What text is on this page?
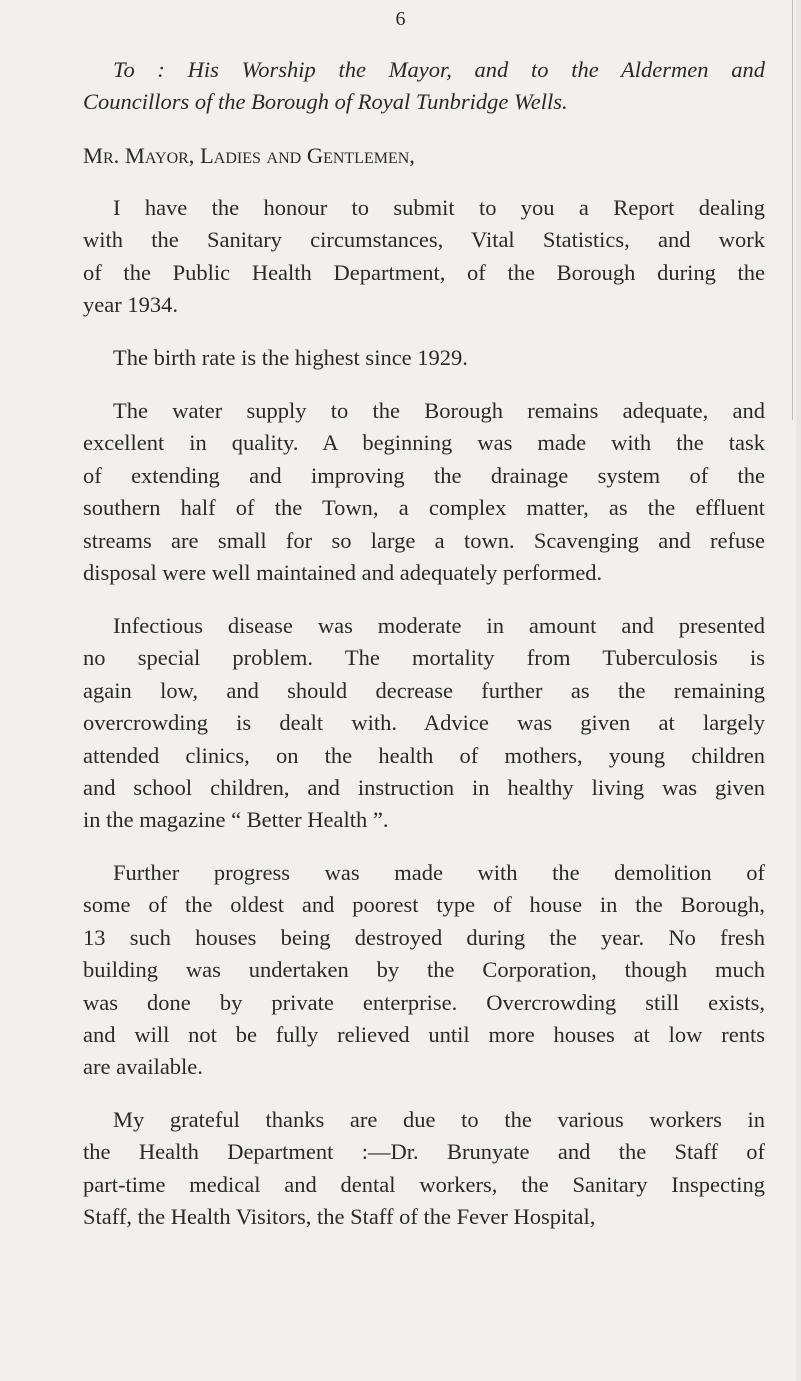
6
To : His Worship the Mayor, and to the Aldermen and
Councillors of the Borough of Royal Tunbridge Wells.
Mr. Mayor, Ladies and Gentlemen,
I have the honour to submit to you a Report dealing
with the Sanitary circumstances, Vital Statistics, and work
of the Public Health Department, of the Borough during the
year 1934.
The birth rate is the highest since 1929.
The water supply to the Borough remains adequate, and
excellent in quality. A beginning was made with the task
of extending and improving the drainage system of the
southern half of the Town, a complex matter, as the effluent
streams are small for so large a town. Scavenging and refuse
disposal were well maintained and adequately performed.
Infectious disease was moderate in amount and presented
no special problem. The mortality from Tuberculosis is
again low, and should decrease further as the remaining
overcrowding is dealt with. Advice was given at largely
attended clinics, on the health of mothers, young children
and school children, and instruction in healthy living was given
in the magazine “ Better Health ”.
Further progress was made with the demolition of
some of the oldest and poorest type of house in the Borough,
13 such houses being destroyed during the year. No fresh
building was undertaken by the Corporation, though much
was done by private enterprise. Overcrowding still exists,
and will not be fully relieved until more houses at low rents
are available.
My grateful thanks are due to the various workers in
the Health Department :—Dr. Brunyate and the Staff of
part-time medical and dental workers, the Sanitary Inspecting
Staff, the Health Visitors, the Staff of the Fever Hospital,
